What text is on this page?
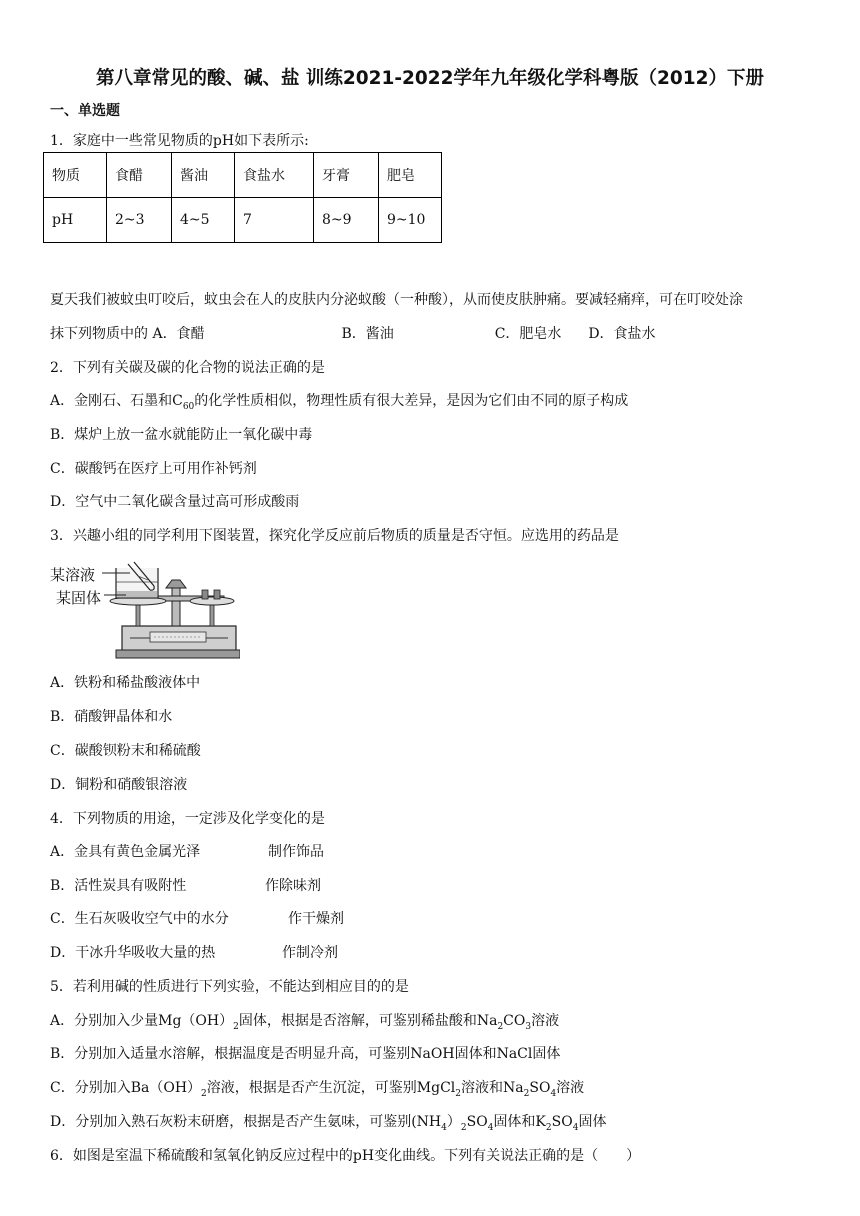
第八章常见的酸、碱、盐 训练2021-2022学年九年级化学科粤版（2012）下册
一、单选题
1．家庭中一些常见物质的pH如下表所示:
物质	食醋	酱油	食盐水	牙膏	肥皂
pH	2~3	4~5	7	8~9	9~10
夏天我们被蚊虫叮咬后，蚊虫会在人的皮肤内分泌蚁酸（一种酸），从而使皮肤肿痛。要减轻痛痒，可在叮咬处涂
抹下列物质中的 A．食醋	B．酱油	C．肥皂水 D．食盐水
2．下列有关碳及碳的化合物的说法正确的是
A．金刚石、石墨和$C_{60}$的化学性质相似，物理性质有很大差异，是因为它们由不同的原子构成
B．煤炉上放一盆水就能防止一氧化碳中毒
C．碳酸钙在医疗上可用作补钙剂
D．空气中二氧化碳含量过高可形成酸雨
3．兴趣小组的同学利用下图装置，探究化学反应前后物质的质量是否守恒。应选用的药品是
某溶液
某固体
A．铁粉和稀盐酸液体中
B．硝酸钾晶体和水
C．碳酸钡粉末和稀硫酸
D．铜粉和硝酸银溶液
4．下列物质的用途，一定涉及化学变化的是
A．金具有黄色金属光泽	制作饰品
B．活性炭具有吸附性	作除味剂
C．生石灰吸收空气中的水分	作干燥剂
D．干冰升华吸收大量的热	作制冷剂
5．若利用碱的性质进行下列实验，不能达到相应目的的是
A．分别加入少量$Mg(OH)_2$固体，根据是否溶解，可鉴别稀盐酸和$Na_2CO_3$溶液
B．分别加入适量水溶解，根据温度是否明显升高，可鉴别NaOH固体和NaCl固体
C．分别加入$Ba(OH)_2$溶液，根据是否产生沉淀，可鉴别MgCl$_2$溶液和$Na_2SO_4$溶液
D．分别加入熟石灰粉末研磨，根据是否产生氨味，可鉴别$(NH_4)_2SO_4$固体和$K_2SO_4$固体
6．如图是室温下稀硫酸和氢氧化钠反应过程中的pH变化曲线。下列有关说法正确的是（　　）
